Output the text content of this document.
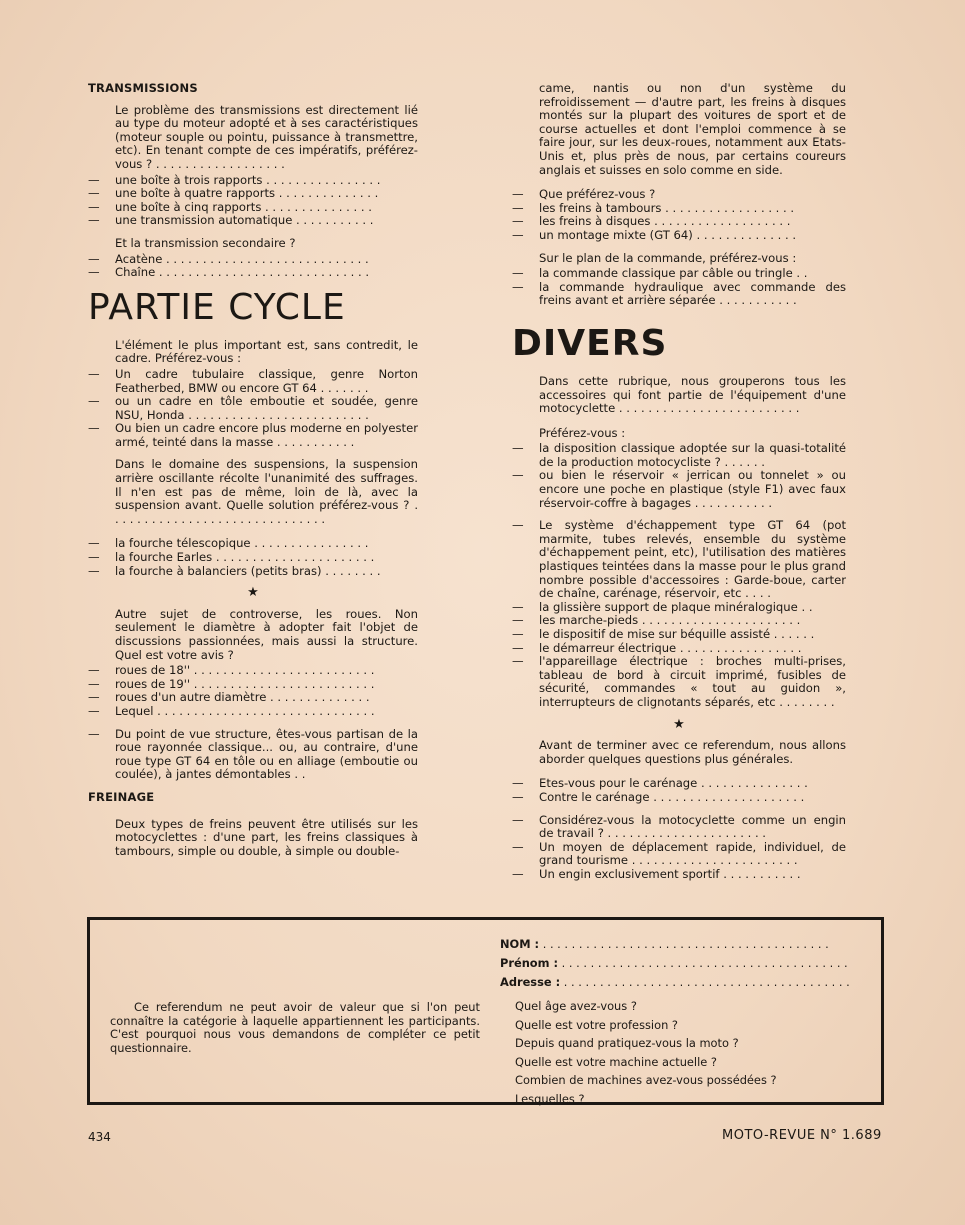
TRANSMISSIONS

Le problème des transmissions est directement lié au type du moteur adopté et à ses caractéristiques (moteur souple ou pointu, puissance à transmettre, etc). En tenant compte de ces impératifs, préférez-vous ? . . . . . . . . . . . . . . . . . .

— une boîte à trois rapports . . . . . . . . . . . . . . . .

— une boîte à quatre rapports . . . . . . . . . . . . . .

— une boîte à cinq rapports . . . . . . . . . . . . . . .

— une transmission automatique . . . . . . . . . . .

Et la transmission secondaire ?

— Acatène . . . . . . . . . . . . . . . . . . . . . . . . . . . .

— Chaîne . . . . . . . . . . . . . . . . . . . . . . . . . . . . .

PARTIE CYCLE

L'élément le plus important est, sans contredit, le cadre. Préférez-vous :

— Un cadre tubulaire classique, genre Norton Featherbed, BMW ou encore GT 64 . . . . . . .

— ou un cadre en tôle emboutie et soudée, genre NSU, Honda . . . . . . . . . . . . . . . . . . . . . . . . .

— Ou bien un cadre encore plus moderne en polyester armé, teinté dans la masse . . . . . . . . . . .

Dans le domaine des suspensions, la suspension arrière oscillante récolte l'unanimité des suffrages. Il n'en est pas de même, loin de là, avec la suspension avant. Quelle solution préférez-vous ? . . . . . . . . . . . . . . . . . . . . . . . . . . . . . .

— la fourche télescopique . . . . . . . . . . . . . . . .

— la fourche Earles . . . . . . . . . . . . . . . . . . . . . .

— la fourche à balanciers (petits bras) . . . . . . . .

★

Autre sujet de controverse, les roues. Non seulement le diamètre à adopter fait l'objet de discussions passionnées, mais aussi la structure. Quel est votre avis ?

— roues de 18'' . . . . . . . . . . . . . . . . . . . . . . . . .

— roues de 19'' . . . . . . . . . . . . . . . . . . . . . . . . .

— roues d'un autre diamètre . . . . . . . . . . . . . .

— Lequel . . . . . . . . . . . . . . . . . . . . . . . . . . . . . .

— Du point de vue structure, êtes-vous partisan de la roue rayonnée classique... ou, au contraire, d'une roue type GT 64 en tôle ou en alliage (emboutie ou coulée), à jantes démontables . .

FREINAGE

Deux types de freins peuvent être utilisés sur les motocyclettes : d'une part, les freins classiques à tambours, simple ou double, à simple ou double-

came, nantis ou non d'un système du refroidissement — d'autre part, les freins à disques montés sur la plupart des voitures de sport et de course actuelles et dont l'emploi commence à se faire jour, sur les deux-roues, notamment aux Etats-Unis et, plus près de nous, par certains coureurs anglais et suisses en solo comme en side.

— Que préférez-vous ?

— les freins à tambours . . . . . . . . . . . . . . . . . .

— les freins à disques . . . . . . . . . . . . . . . . . . .

— un montage mixte (GT 64) . . . . . . . . . . . . . .

Sur le plan de la commande, préférez-vous :

— la commande classique par câble ou tringle . .

— la commande hydraulique avec commande des freins avant et arrière séparée . . . . . . . . . . .

DIVERS

Dans cette rubrique, nous grouperons tous les accessoires qui font partie de l'équipement d'une motocyclette . . . . . . . . . . . . . . . . . . . . . . . . .

Préférez-vous :

— la disposition classique adoptée sur la quasi-totalité de la production motocycliste ? . . . . . .

— ou bien le réservoir « jerrican ou tonnelet » ou encore une poche en plastique (style F1) avec faux réservoir-coffre à bagages . . . . . . . . . . .

— Le système d'échappement type GT 64 (pot marmite, tubes relevés, ensemble du système d'échappement peint, etc), l'utilisation des matières plastiques teintées dans la masse pour le plus grand nombre possible d'accessoires : Garde-boue, carter de chaîne, carénage, réservoir, etc . . . .

— la glissière support de plaque minéralogique . .

— les marche-pieds . . . . . . . . . . . . . . . . . . . . . .

— le dispositif de mise sur béquille assisté . . . . . .

— le démarreur électrique . . . . . . . . . . . . . . . . .

— l'appareillage électrique : broches multi-prises, tableau de bord à circuit imprimé, fusibles de sécurité, commandes « tout au guidon », interrupteurs de clignotants séparés, etc . . . . . . . .

★

Avant de terminer avec ce referendum, nous allons aborder quelques questions plus générales.

— Etes-vous pour le carénage . . . . . . . . . . . . . . .

— Contre le carénage . . . . . . . . . . . . . . . . . . . . .

— Considérez-vous la motocyclette comme un engin de travail ? . . . . . . . . . . . . . . . . . . . . . .

— Un moyen de déplacement rapide, individuel, de grand tourisme . . . . . . . . . . . . . . . . . . . . . . .

— Un engin exclusivement sportif . . . . . . . . . . .

Ce referendum ne peut avoir de valeur que si l'on peut connaître la catégorie à laquelle appartiennent les participants. C'est pourquoi nous vous demandons de compléter ce petit questionnaire.

NOM : . . . . . . . . . . . . . . . . . . . . . . . . . . . . . . . . . . . . . . . .
Prénom : . . . . . . . . . . . . . . . . . . . . . . . . . . . . . . . . . . . . . . . .
Adresse : . . . . . . . . . . . . . . . . . . . . . . . . . . . . . . . . . . . . . . . .
Quel âge avez-vous ?
Quelle est votre profession ?
Depuis quand pratiquez-vous la moto ?
Quelle est votre machine actuelle ?
Combien de machines avez-vous possédées ?
Lesquelles ?
434	MOTO-REVUE N° 1.689
